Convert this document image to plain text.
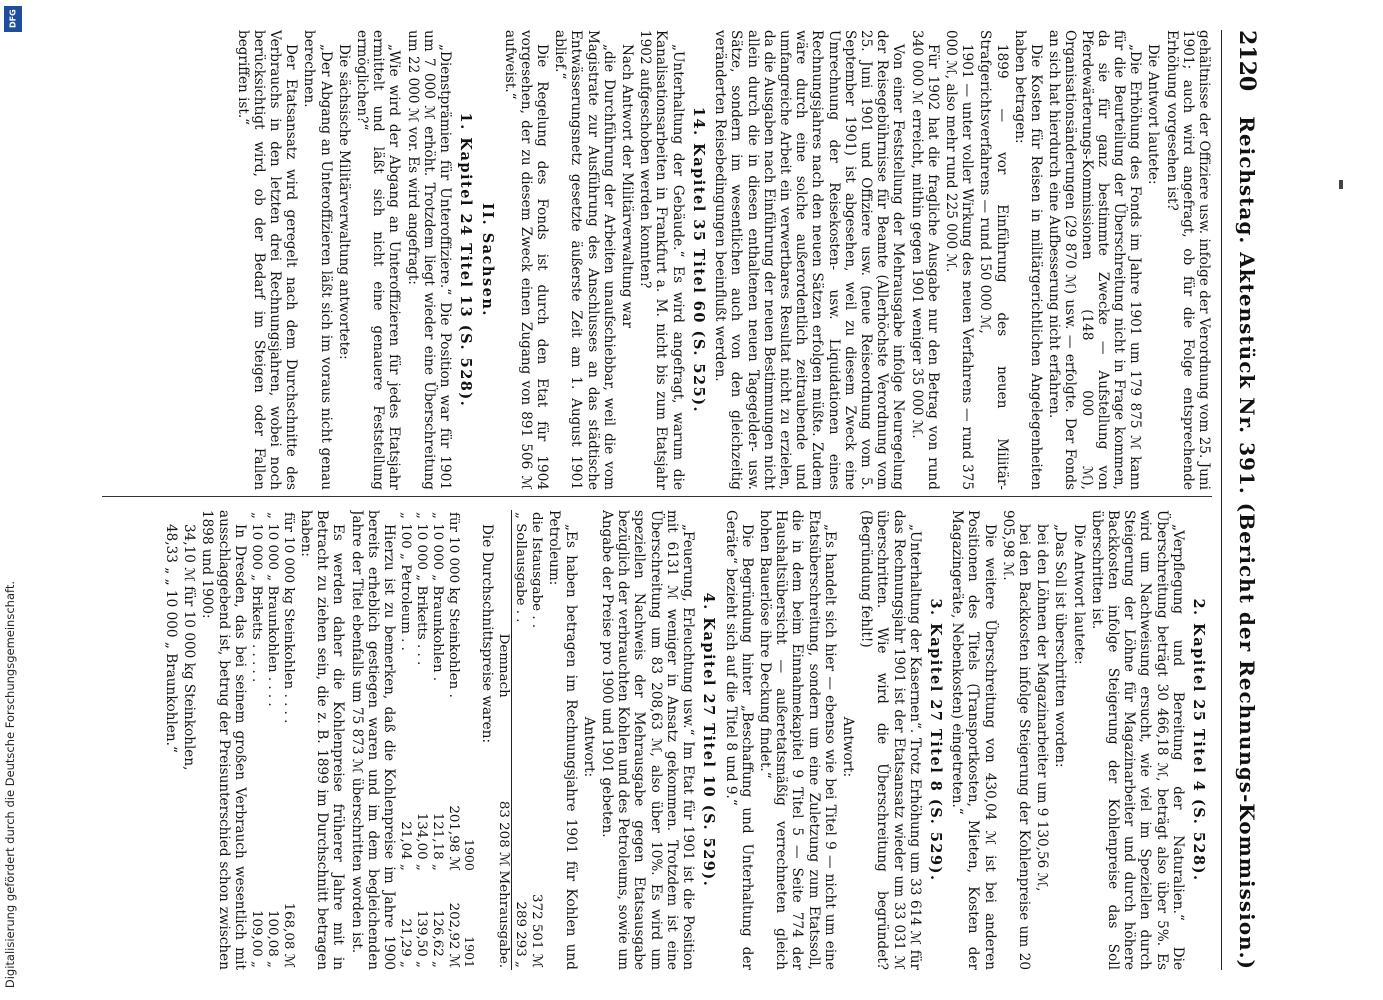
DFG
Digitalisierung gefördert durch die Deutsche Forschungsgemeinschaft.
2120
Reichstag. Aktenstück Nr. 391. (Bericht der Rechnungs-Kommission.)

gehältnisse der Offiziere usw. infolge der Verordnung vom 25. Juni 1901; auch wird angefragt, ob für die Folge entsprechende Erhöhung vorgesehen ist?

Die Antwort lautete:

„Die Erhöhung des Fonds im Jahre 1901 um 179 875 ℳ kann für die Beurteilung der Überschreitung nicht in Frage kommen, da sie für ganz bestimmte Zwecke — Aufstellung von Pferdewärterungs-Kommissionen (148 000 ℳ), Organisationsänderungen (29 870 ℳ) usw. — erfolgte. Der Fonds an sich hat hierdurch eine Aufbesserung nicht erfahren.

Die Kosten für Reisen in militärgerichtlichen Angelegenheiten haben betragen:

1899 — vor Einführung des neuen Militär-Strafgerichtsverfahrens — rund 150 000 ℳ,

1901 — unter voller Wirkung des neuen Verfahrens — rund 375 000 ℳ, also mehr rund 225 000 ℳ.

Für 1902 hat die fragliche Ausgabe nur den Betrag von rund 340 000 ℳ erreicht, mithin gegen 1901 weniger 35 000 ℳ.

Von einer Feststellung der Mehrausgabe infolge Neuregelung der Reisegebührnisse für Beamte (Allerhöchste Verordnung vom 25. Juni 1901 und Offiziere usw. (neue Reiseordnung vom 5. September 1901) ist abgesehen, weil zu diesem Zweck eine Umrechnung der Reisekosten- usw. Liquidationen eines Rechnungsjahres nach den neuen Sätzen erfolgen müßte. Zudem wäre durch eine solche außerordentlich zeitraubende und umfangreiche Arbeit ein verwertbares Resultat nicht zu erzielen, da die Ausgaben nach Einführung der neuen Bestimmungen nicht allein durch die in diesen enthaltenen neuen Tagegelder- usw. Sätze, sondern im wesentlichen auch von den gleichzeitig veränderten Reisebedingungen beeinflußt werden.

14. Kapitel 35 Titel 60 (S. 525).

„Unterhaltung der Gebäude.“ Es wird angefragt, warum die Kanalisationsarbeiten in Frankfurt a. M. nicht bis zum Etatsjahr 1902 aufgeschoben werden konnten?

Nach Antwort der Militärverwaltung war

„die Durchführung der Arbeiten unaufschiebbar, weil die vom Magistrate zur Ausführung des Anschlusses an das städtische Entwässerungsnetz gesetzte äußerste Zeit am 1. August 1901 ablief.“

Die Regelung des Fonds ist durch den Etat für 1904 vorgesehen, der zu diesem Zweck einen Zugang von 891 506 ℳ aufweist.“

II. Sachsen.
1. Kapitel 24 Titel 13 (S. 528).

„Dienstprämien für Unteroffiziere.“ Die Position war für 1901 um 7 000 ℳ erhöht. Trotzdem liegt wieder eine Überschreitung um 22 000 ℳ vor. Es wird angefragt:

„Wie wird der Abgang an Unteroffizieren für jedes Etatsjahr ermittelt und läßt sich nicht eine genauere Feststellung ermöglichen?“

Die sächsische Militärverwaltung antwortete:

„Der Abgang an Unteroffizieren läßt sich im voraus nicht genau berechnen.

Der Etatsansatz wird geregelt nach dem Durchschnitte des Verbrauchs in den letzten drei Rechnungsjahren, wobei noch berücksichtigt wird, ob der Bedarf im Steigen oder Fallen begriffen ist.“

2. Kapitel 25 Titel 4 (S. 528).

„Verpflegung und Bereitung der Naturalien.“ Die Überschreitung beträgt 30 466,18 ℳ, beträgt also über 5%. Es wird um Nachweisung ersucht, wie viel im Speziellen durch Steigerung der Löhne für Magazinarbeiter und durch höhere Backkosten infolge Steigerung der Kohlenpreise das Soll überschritten ist.

Die Antwort lautete:

„Das Soll ist überschritten worden:

bei den Löhnen der Magazinarbeiter um 9 130,56 ℳ,

bei den Backkosten infolge Steigerung der Kohlenpreise um 20 905,98 ℳ.

Die weitere Überschreitung von 430,04 ℳ ist bei anderen Positionen des Titels (Transportkosten, Mieten, Kosten der Magazingeräte, Nebenkosten) eingetreten.“

3. Kapitel 27 Titel 8 (S. 529).

„Unterhaltung der Kasernen“. Trotz Erhöhung um 33 614 ℳ für das Rechnungsjahr 1901 ist der Etatsansatz wieder um 33 031 ℳ überschritten. Wie wird die Überschreitung begründet? (Begründung fehlt!)

Antwort:

„Es handelt sich hier — ebenso wie bei Titel 9 — nicht um eine Etatsüberschreitung, sondern um eine Zuletzung zum Etatssoll, die in dem beim Einnahmekapitel 9 Titel 5 — Seite 774 der Haushaltsübersicht — außeretatsmäßig verrechneten gleich hohen Bauerlöse ihre Deckung findet.“

Die Begründung hinter „Beschaffung und Unterhaltung der Geräte“ bezieht sich auf die Titel 8 und 9.“

4. Kapitel 27 Titel 10 (S. 529).

„Feuerung, Erleuchtung usw.“ Im Etat für 1901 ist die Position mit 6131 ℳ weniger in Ansatz gekommen. Trotzdem ist eine Überschreitung um 83 208,63 ℳ, also über 10%. Es wird um speziellen Nachweis der Mehrausgabe gegen Etatsausgabe bezüglich der verbrauchten Kohlen und des Petroleums, sowie um Angabe der Preise pro 1900 und 1901 gebeten.

Antwort:

„Es haben betragen im Rechnungsjahre 1901 für Kohlen und Petroleum:

die Istausgabe . .	372 501 ℳ
„ Sollausgabe . .	289 293 „
Demnach	83 208 ℳ Mehrausgabe.

Die Durchschnittspreise waren:

	1900	1901
für 10 000 kg Steinkohlen .	201,98 ℳ	202,92 ℳ
„ 10 000 „ Braunkohlen .	121,18 „	126,62 „
„ 10 000 „ Briketts . . .	134,00 „	139,50 „
„ 100 „ Petroleum . .	21,04 „	21,29 „

Hierzu ist zu bemerken, daß die Kohlenpreise im Jahre 1900 bereits erheblich gestiegen waren und im dem begleichenden Jahre der Titel ebenfalls um 75 873 ℳ überschritten worden ist.

Es werden daher die Kohlenpreise früherer Jahre mit in Betracht zu ziehen sein, die z. B. 1899 im Durchschnitt betragen haben:

für 10 000 kg Steinkohlen . . . .	168,08 ℳ
„ 10 000 „ Braunkohlen . . . .	100,08 „
„ 10 000 „ Briketts . . . . .	109,00 „

In Dresden, das bei seinem großen Verbrauch wesentlich mit ausschlaggebend ist, betrug der Preisunterschied schon zwischen 1898 und 1900:

34,10 ℳ für 10 000 kg Steinkohlen,

48,33 „ „ 10 000 „ Braunkohlen.“
